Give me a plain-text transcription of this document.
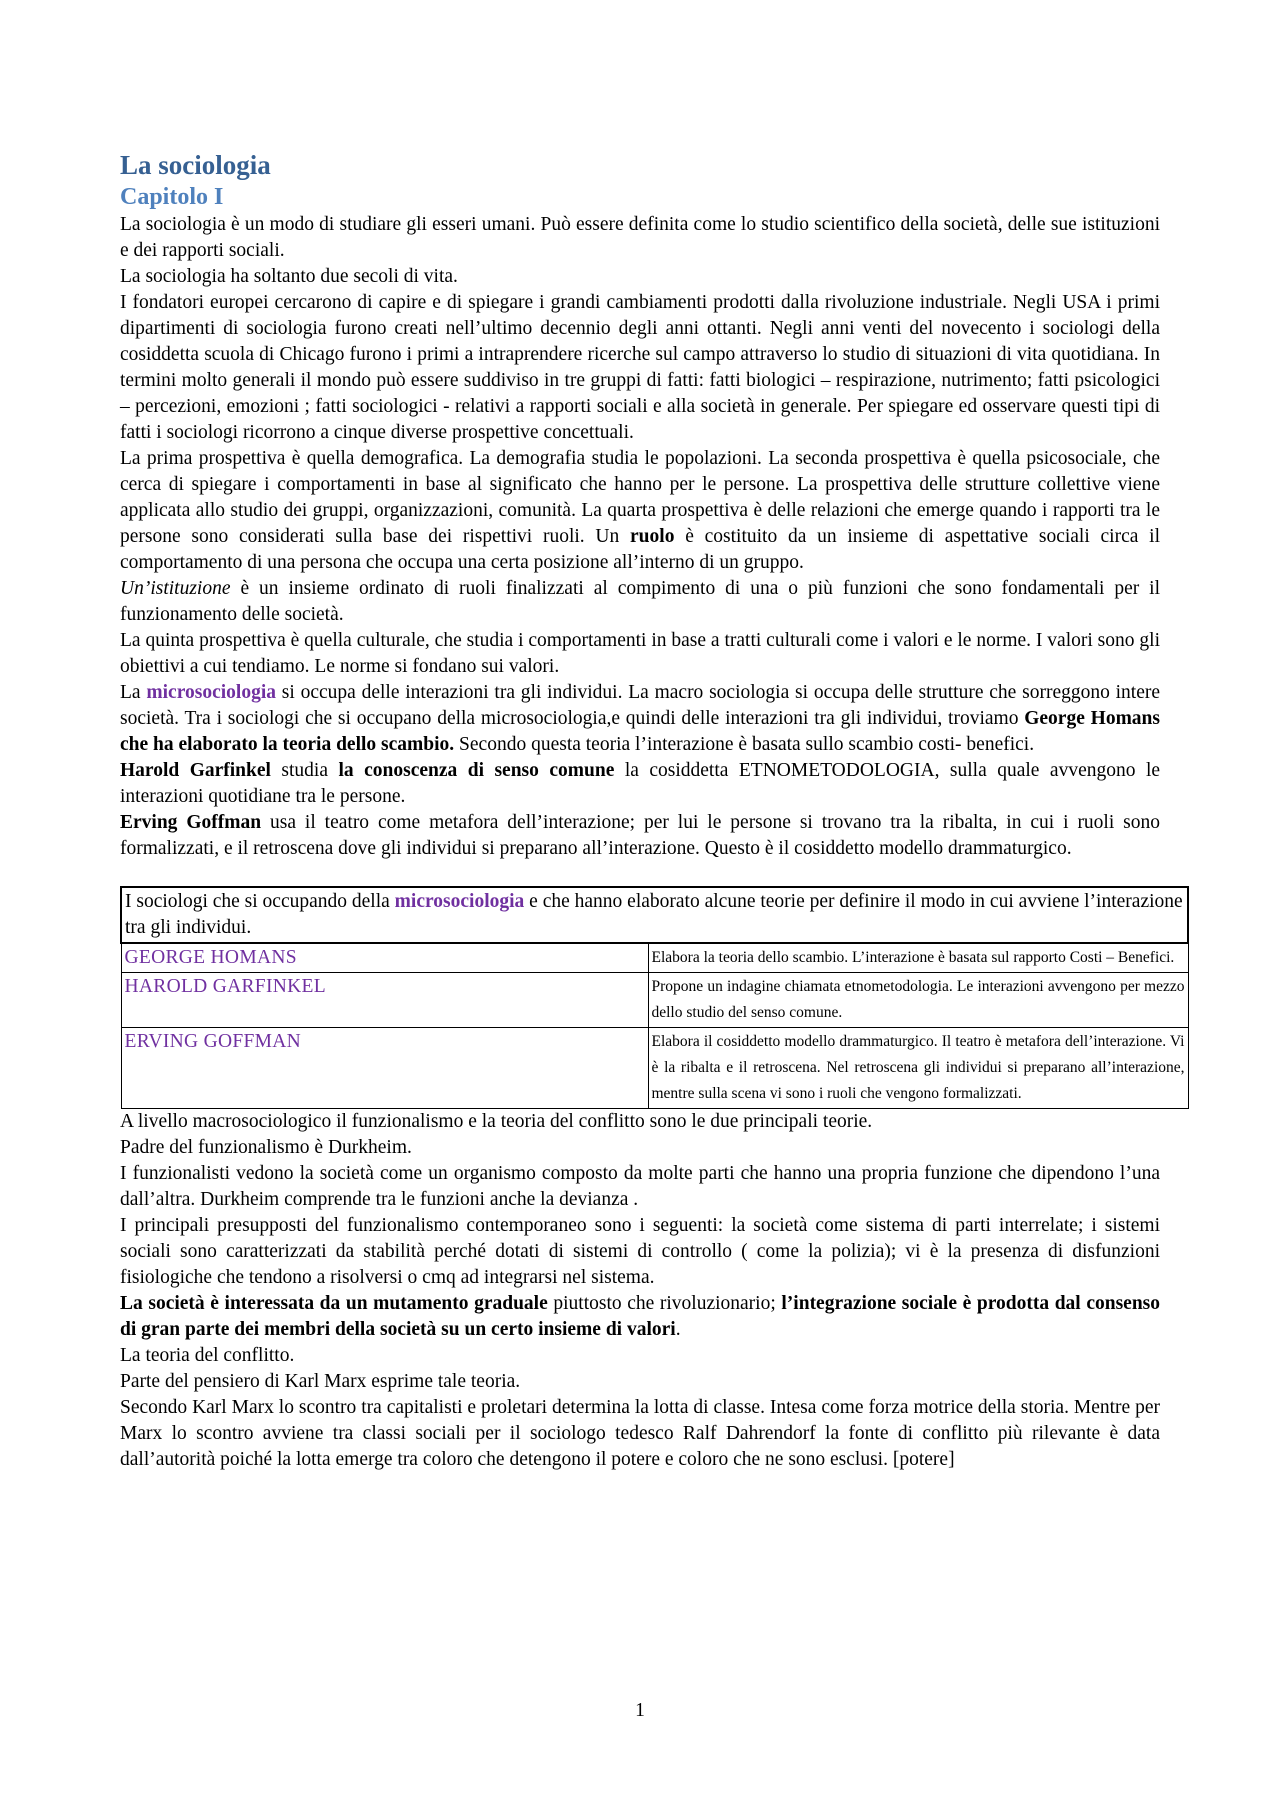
La sociologia
Capitolo I

La sociologia è un modo di studiare gli esseri umani. Può essere definita come lo studio scientifico della società, delle sue istituzioni e dei rapporti sociali.

La sociologia ha soltanto due secoli di vita.

I fondatori europei cercarono di capire e di spiegare i grandi cambiamenti prodotti dalla rivoluzione industriale. Negli USA i primi dipartimenti di sociologia furono creati nell’ultimo decennio degli anni ottanti. Negli anni venti del novecento i sociologi della cosiddetta scuola di Chicago furono i primi a intraprendere ricerche sul campo attraverso lo studio di situazioni di vita quotidiana. In termini molto generali il mondo può essere suddiviso in tre gruppi di fatti: fatti biologici – respirazione, nutrimento; fatti psicologici – percezioni, emozioni ; fatti sociologici - relativi a rapporti sociali e alla società in generale. Per spiegare ed osservare questi tipi di fatti i sociologi ricorrono a cinque diverse prospettive concettuali.

La prima prospettiva è quella demografica. La demografia studia le popolazioni. La seconda prospettiva è quella psicosociale, che cerca di spiegare i comportamenti in base al significato che hanno per le persone. La prospettiva delle strutture collettive viene applicata allo studio dei gruppi, organizzazioni, comunità. La quarta prospettiva è delle relazioni che emerge quando i rapporti tra le persone sono considerati sulla base dei rispettivi ruoli. Un ruolo è costituito da un insieme di aspettative sociali circa il comportamento di una persona che occupa una certa posizione all’interno di un gruppo.

Un’istituzione è un insieme ordinato di ruoli finalizzati al compimento di una o più funzioni che sono fondamentali per il funzionamento delle società.

La quinta prospettiva è quella culturale, che studia i comportamenti in base a tratti culturali come i valori e le norme. I valori sono gli obiettivi a cui tendiamo. Le norme si fondano sui valori.

La microsociologia si occupa delle interazioni tra gli individui. La macro sociologia si occupa delle strutture che sorreggono intere società. Tra i sociologi che si occupano della microsociologia,e quindi delle interazioni tra gli individui, troviamo George Homans che ha elaborato la teoria dello scambio. Secondo questa teoria l’interazione è basata sullo scambio costi- benefici.

Harold Garfinkel studia la conoscenza di senso comune la cosiddetta ETNOMETODOLOGIA, sulla quale avvengono le interazioni quotidiane tra le persone.

Erving Goffman usa il teatro come metafora dell’interazione; per lui le persone si trovano tra la ribalta, in cui i ruoli sono formalizzati, e il retroscena dove gli individui si preparano all’interazione. Questo è il cosiddetto modello drammaturgico.

I sociologi che si occupando della microsociologia e che hanno elaborato alcune teorie per definire il modo in cui avviene l’interazione tra gli individui.	
GEORGE HOMANS	Elabora la teoria dello scambio. L’interazione è basata sul rapporto Costi – Benefici.
HAROLD GARFINKEL	Propone un indagine chiamata etnometodologia. Le interazioni avvengono per mezzo dello studio del senso comune.
ERVING GOFFMAN	Elabora il cosiddetto modello drammaturgico. Il teatro è metafora dell’interazione. Vi è la ribalta e il retroscena. Nel retroscena gli individui si preparano all’interazione, mentre sulla scena vi sono i ruoli che vengono formalizzati.

A livello macrosociologico il funzionalismo e la teoria del conflitto sono le due principali teorie.

Padre del funzionalismo è Durkheim.

I funzionalisti vedono la società come un organismo composto da molte parti che hanno una propria funzione che dipendono l’una dall’altra. Durkheim comprende tra le funzioni anche la devianza .

I principali presupposti del funzionalismo contemporaneo sono i seguenti: la società come sistema di parti interrelate; i sistemi sociali sono caratterizzati da stabilità perché dotati di sistemi di controllo ( come la polizia); vi è la presenza di disfunzioni fisiologiche che tendono a risolversi o cmq ad integrarsi nel sistema.

La società è interessata da un mutamento graduale piuttosto che rivoluzionario; l’integrazione sociale è prodotta dal consenso di gran parte dei membri della società su un certo insieme di valori.

La teoria del conflitto.

Parte del pensiero di Karl Marx esprime tale teoria.

Secondo Karl Marx lo scontro tra capitalisti e proletari determina la lotta di classe. Intesa come forza motrice della storia. Mentre per Marx lo scontro avviene tra classi sociali per il sociologo tedesco Ralf Dahrendorf la fonte di conflitto più rilevante è data dall’autorità poiché la lotta emerge tra coloro che detengono il potere e coloro che ne sono esclusi. [potere]

1
